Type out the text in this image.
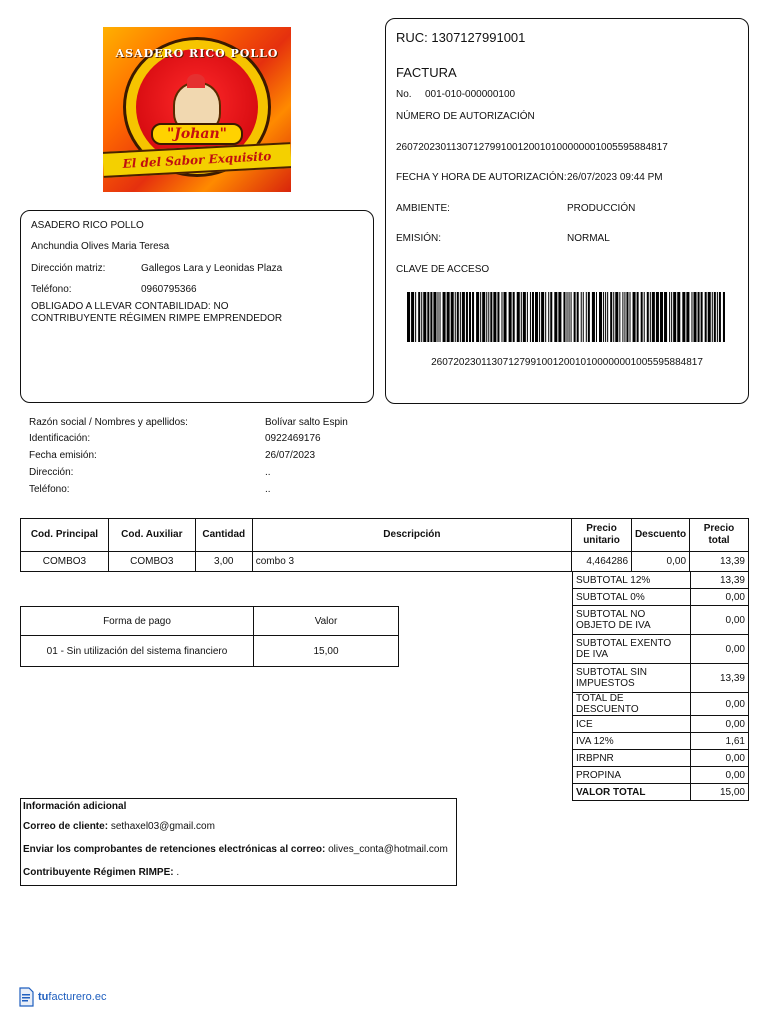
ASADERO RICO POLLO
"Johan"
El del Sabor Exquisito
ASADERO RICO POLLO
Anchundia Olives Maria Teresa
Dirección matriz:	Gallegos Lara y Leonidas Plaza
Teléfono:	0960795366
OBLIGADO A LLEVAR CONTABILIDAD: NO
CONTRIBUYENTE RÉGIMEN RIMPE EMPRENDEDOR
RUC: 1307127991001
FACTURA
No. 001-010-000000100
NÚMERO DE AUTORIZACIÓN
2607202301130712799100120010100000001005595884817
FECHA Y HORA DE AUTORIZACIÓN: 26/07/2023 09:44 PM
AMBIENTE:	PRODUCCIÓN
EMISIÓN:	NORMAL
CLAVE DE ACCESO
2607202301130712799100120010100000001005595884817
Razón social / Nombres y apellidos:	Bolívar salto Espin
Identificación:	0922469176
Fecha emisión:	26/07/2023
Dirección:	..
Teléfono:	..
Cod. Principal	Cod. Auxiliar	Cantidad	Descripción	Precio unitario	Descuento	Precio total
COMBO3	COMBO3	3,00	combo 3	4,464286	0,00	13,39
SUBTOTAL 12%	13,39
SUBTOTAL 0%	0,00
SUBTOTAL NO OBJETO DE IVA	0,00
SUBTOTAL EXENTO DE IVA	0,00
SUBTOTAL SIN IMPUESTOS	13,39
TOTAL DE DESCUENTO	0,00
ICE	0,00
IVA 12%	1,61
IRBPNR	0,00
PROPINA	0,00
VALOR TOTAL	15,00
Forma de pago	Valor
01 - Sin utilización del sistema financiero	15,00
Información adicional
Correo de cliente: sethaxel03@gmail.com
Enviar los comprobantes de retenciones electrónicas al correo: olives_conta@hotmail.com
Contribuyente Régimen RIMPE: .
tu facturero.ec
